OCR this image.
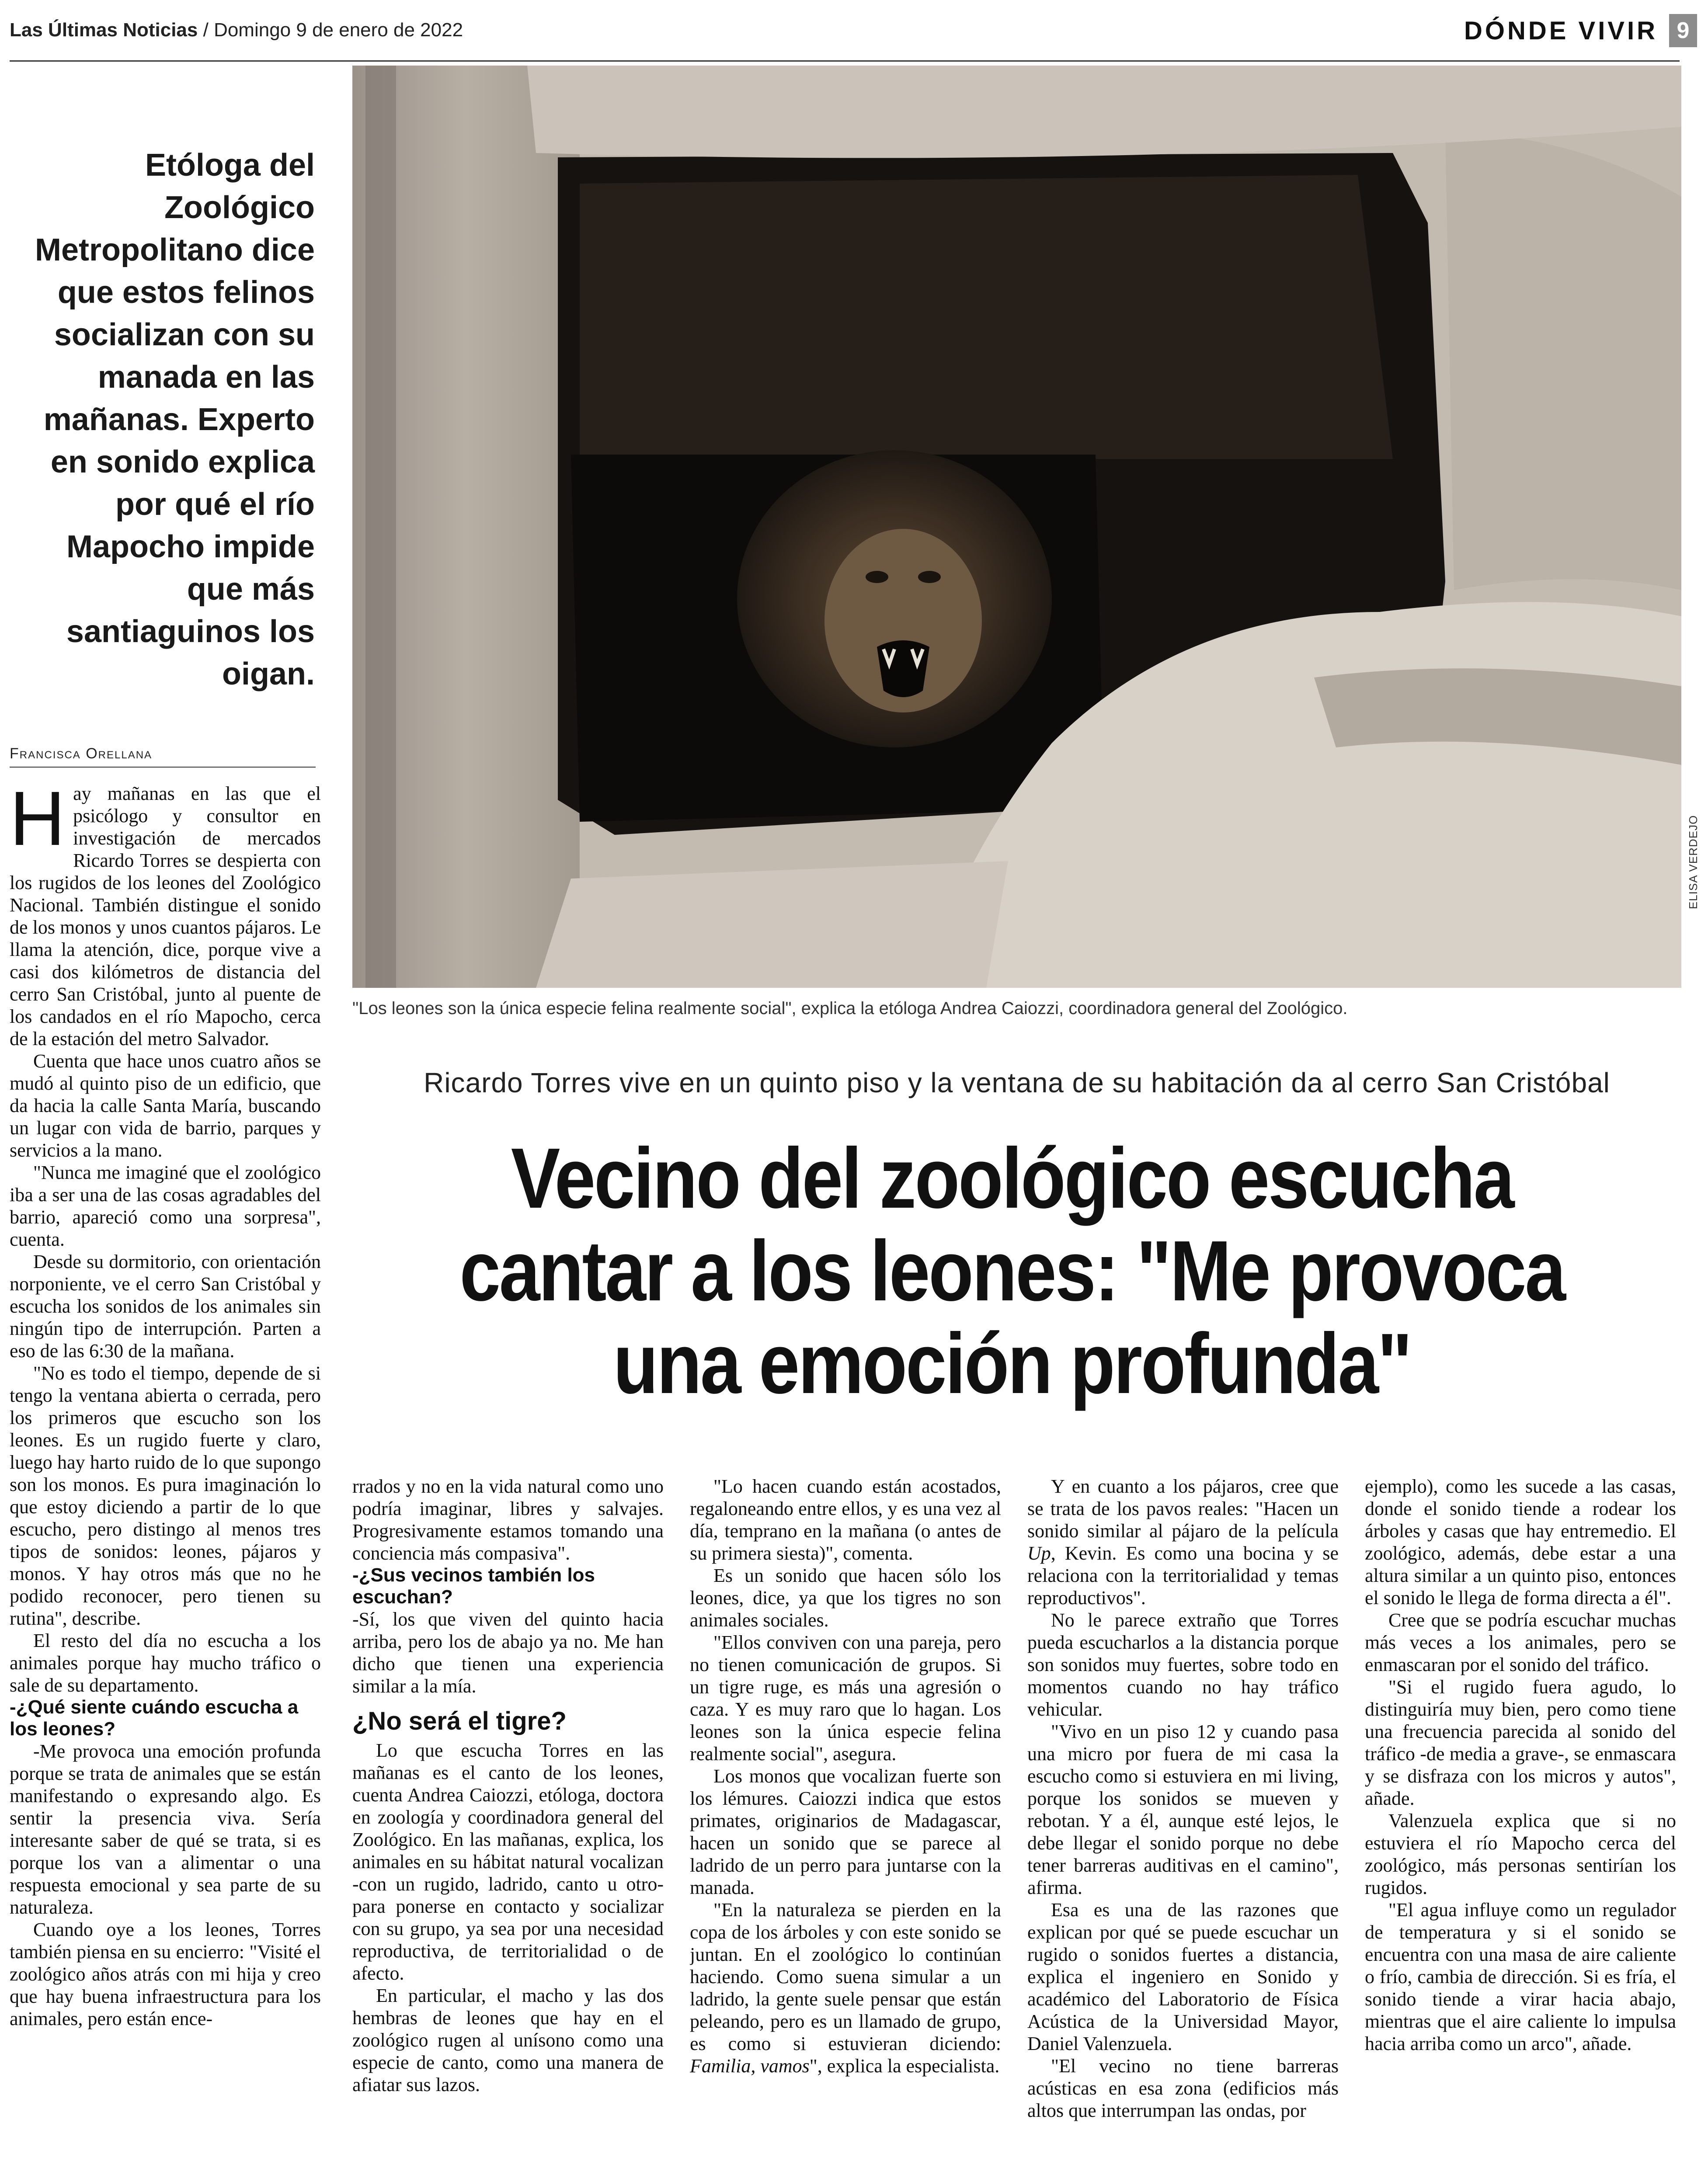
Las Últimas Noticias / Domingo 9 de enero de 2022	DÓNDE VIVIR 9
Etóloga del Zoológico Metropolitano dice que estos felinos socializan con su manada en las mañanas. Experto en sonido explica por qué el río Mapocho impide que más santiaguinos los oigan.
Francisca Orellana
ELISA VERDEJO
"Los leones son la única especie felina realmente social", explica la etóloga Andrea Caiozzi, coordinadora general del Zoológico.
Ricardo Torres vive en un quinto piso y la ventana de su habitación da al cerro San Cristóbal
Vecino del zoológico escucha cantar a los leones: "Me provoca una emoción profunda"

Hay mañanas en las que el psicólogo y consultor en investigación de mercados Ricardo Torres se despierta con los rugidos de los leones del Zoológico Nacional. También distingue el sonido de los monos y unos cuantos pájaros. Le llama la atención, dice, porque vive a casi dos kilómetros de distancia del cerro San Cristóbal, junto al puente de los candados en el río Mapocho, cerca de la estación del metro Salvador.

Cuenta que hace unos cuatro años se mudó al quinto piso de un edificio, que da hacia la calle Santa María, buscando un lugar con vida de barrio, parques y servicios a la mano.

"Nunca me imaginé que el zoológico iba a ser una de las cosas agradables del barrio, apareció como una sorpresa", cuenta.

Desde su dormitorio, con orientación norponiente, ve el cerro San Cristóbal y escucha los sonidos de los animales sin ningún tipo de interrupción. Parten a eso de las 6:30 de la mañana.

"No es todo el tiempo, depende de si tengo la ventana abierta o cerrada, pero los primeros que escucho son los leones. Es un rugido fuerte y claro, luego hay harto ruido de lo que supongo son los monos. Es pura imaginación lo que estoy diciendo a partir de lo que escucho, pero distingo al menos tres tipos de sonidos: leones, pájaros y monos. Y hay otros más que no he podido reconocer, pero tienen su rutina", describe.

El resto del día no escucha a los animales porque hay mucho tráfico o sale de su departamento.

-¿Qué siente cuándo escucha a los leones?

-Me provoca una emoción profunda porque se trata de animales que se están manifestando o expresando algo. Es sentir la presencia viva. Sería interesante saber de qué se trata, si es porque los van a alimentar o una respuesta emocional y sea parte de su naturaleza.

Cuando oye a los leones, Torres también piensa en su encierro: "Visité el zoológico años atrás con mi hija y creo que hay buena infraestructura para los animales, pero están ence-

rrados y no en la vida natural como uno podría imaginar, libres y salvajes. Progresivamente estamos tomando una conciencia más compasiva".

-¿Sus vecinos también los escuchan?

-Sí, los que viven del quinto hacia arriba, pero los de abajo ya no. Me han dicho que tienen una experiencia similar a la mía.

¿No será el tigre?

Lo que escucha Torres en las mañanas es el canto de los leones, cuenta Andrea Caiozzi, etóloga, doctora en zoología y coordinadora general del Zoológico. En las mañanas, explica, los animales en su hábitat natural vocalizan -con un rugido, ladrido, canto u otro- para ponerse en contacto y socializar con su grupo, ya sea por una necesidad reproductiva, de territorialidad o de afecto.

En particular, el macho y las dos hembras de leones que hay en el zoológico rugen al unísono como una especie de canto, como una manera de afiatar sus lazos.

"Lo hacen cuando están acostados, regaloneando entre ellos, y es una vez al día, temprano en la mañana (o antes de su primera siesta)", comenta.

Es un sonido que hacen sólo los leones, dice, ya que los tigres no son animales sociales.

"Ellos conviven con una pareja, pero no tienen comunicación de grupos. Si un tigre ruge, es más una agresión o caza. Y es muy raro que lo hagan. Los leones son la única especie felina realmente social", asegura.

Los monos que vocalizan fuerte son los lémures. Caiozzi indica que estos primates, originarios de Madagascar, hacen un sonido que se parece al ladrido de un perro para juntarse con la manada.

"En la naturaleza se pierden en la copa de los árboles y con este sonido se juntan. En el zoológico lo continúan haciendo. Como suena simular a un ladrido, la gente suele pensar que están peleando, pero es un llamado de grupo, es como si estuvieran diciendo: Familia, vamos", explica la especialista.

Y en cuanto a los pájaros, cree que se trata de los pavos reales: "Hacen un sonido similar al pájaro de la película Up, Kevin. Es como una bocina y se relaciona con la territorialidad y temas reproductivos".

No le parece extraño que Torres pueda escucharlos a la distancia porque son sonidos muy fuertes, sobre todo en momentos cuando no hay tráfico vehicular.

"Vivo en un piso 12 y cuando pasa una micro por fuera de mi casa la escucho como si estuviera en mi living, porque los sonidos se mueven y rebotan. Y a él, aunque esté lejos, le debe llegar el sonido porque no debe tener barreras auditivas en el camino", afirma.

Esa es una de las razones que explican por qué se puede escuchar un rugido o sonidos fuertes a distancia, explica el ingeniero en Sonido y académico del Laboratorio de Física Acústica de la Universidad Mayor, Daniel Valenzuela.

"El vecino no tiene barreras acústicas en esa zona (edificios más altos que interrumpan las ondas, por

ejemplo), como les sucede a las casas, donde el sonido tiende a rodear los árboles y casas que hay entremedio. El zoológico, además, debe estar a una altura similar a un quinto piso, entonces el sonido le llega de forma directa a él".

Cree que se podría escuchar muchas más veces a los animales, pero se enmascaran por el sonido del tráfico.

"Si el rugido fuera agudo, lo distinguiría muy bien, pero como tiene una frecuencia parecida al sonido del tráfico -de media a grave-, se enmascara y se disfraza con los micros y autos", añade.

Valenzuela explica que si no estuviera el río Mapocho cerca del zoológico, más personas sentirían los rugidos.

"El agua influye como un regulador de temperatura y si el sonido se encuentra con una masa de aire caliente o frío, cambia de dirección. Si es fría, el sonido tiende a virar hacia abajo, mientras que el aire caliente lo impulsa hacia arriba como un arco", añade.
